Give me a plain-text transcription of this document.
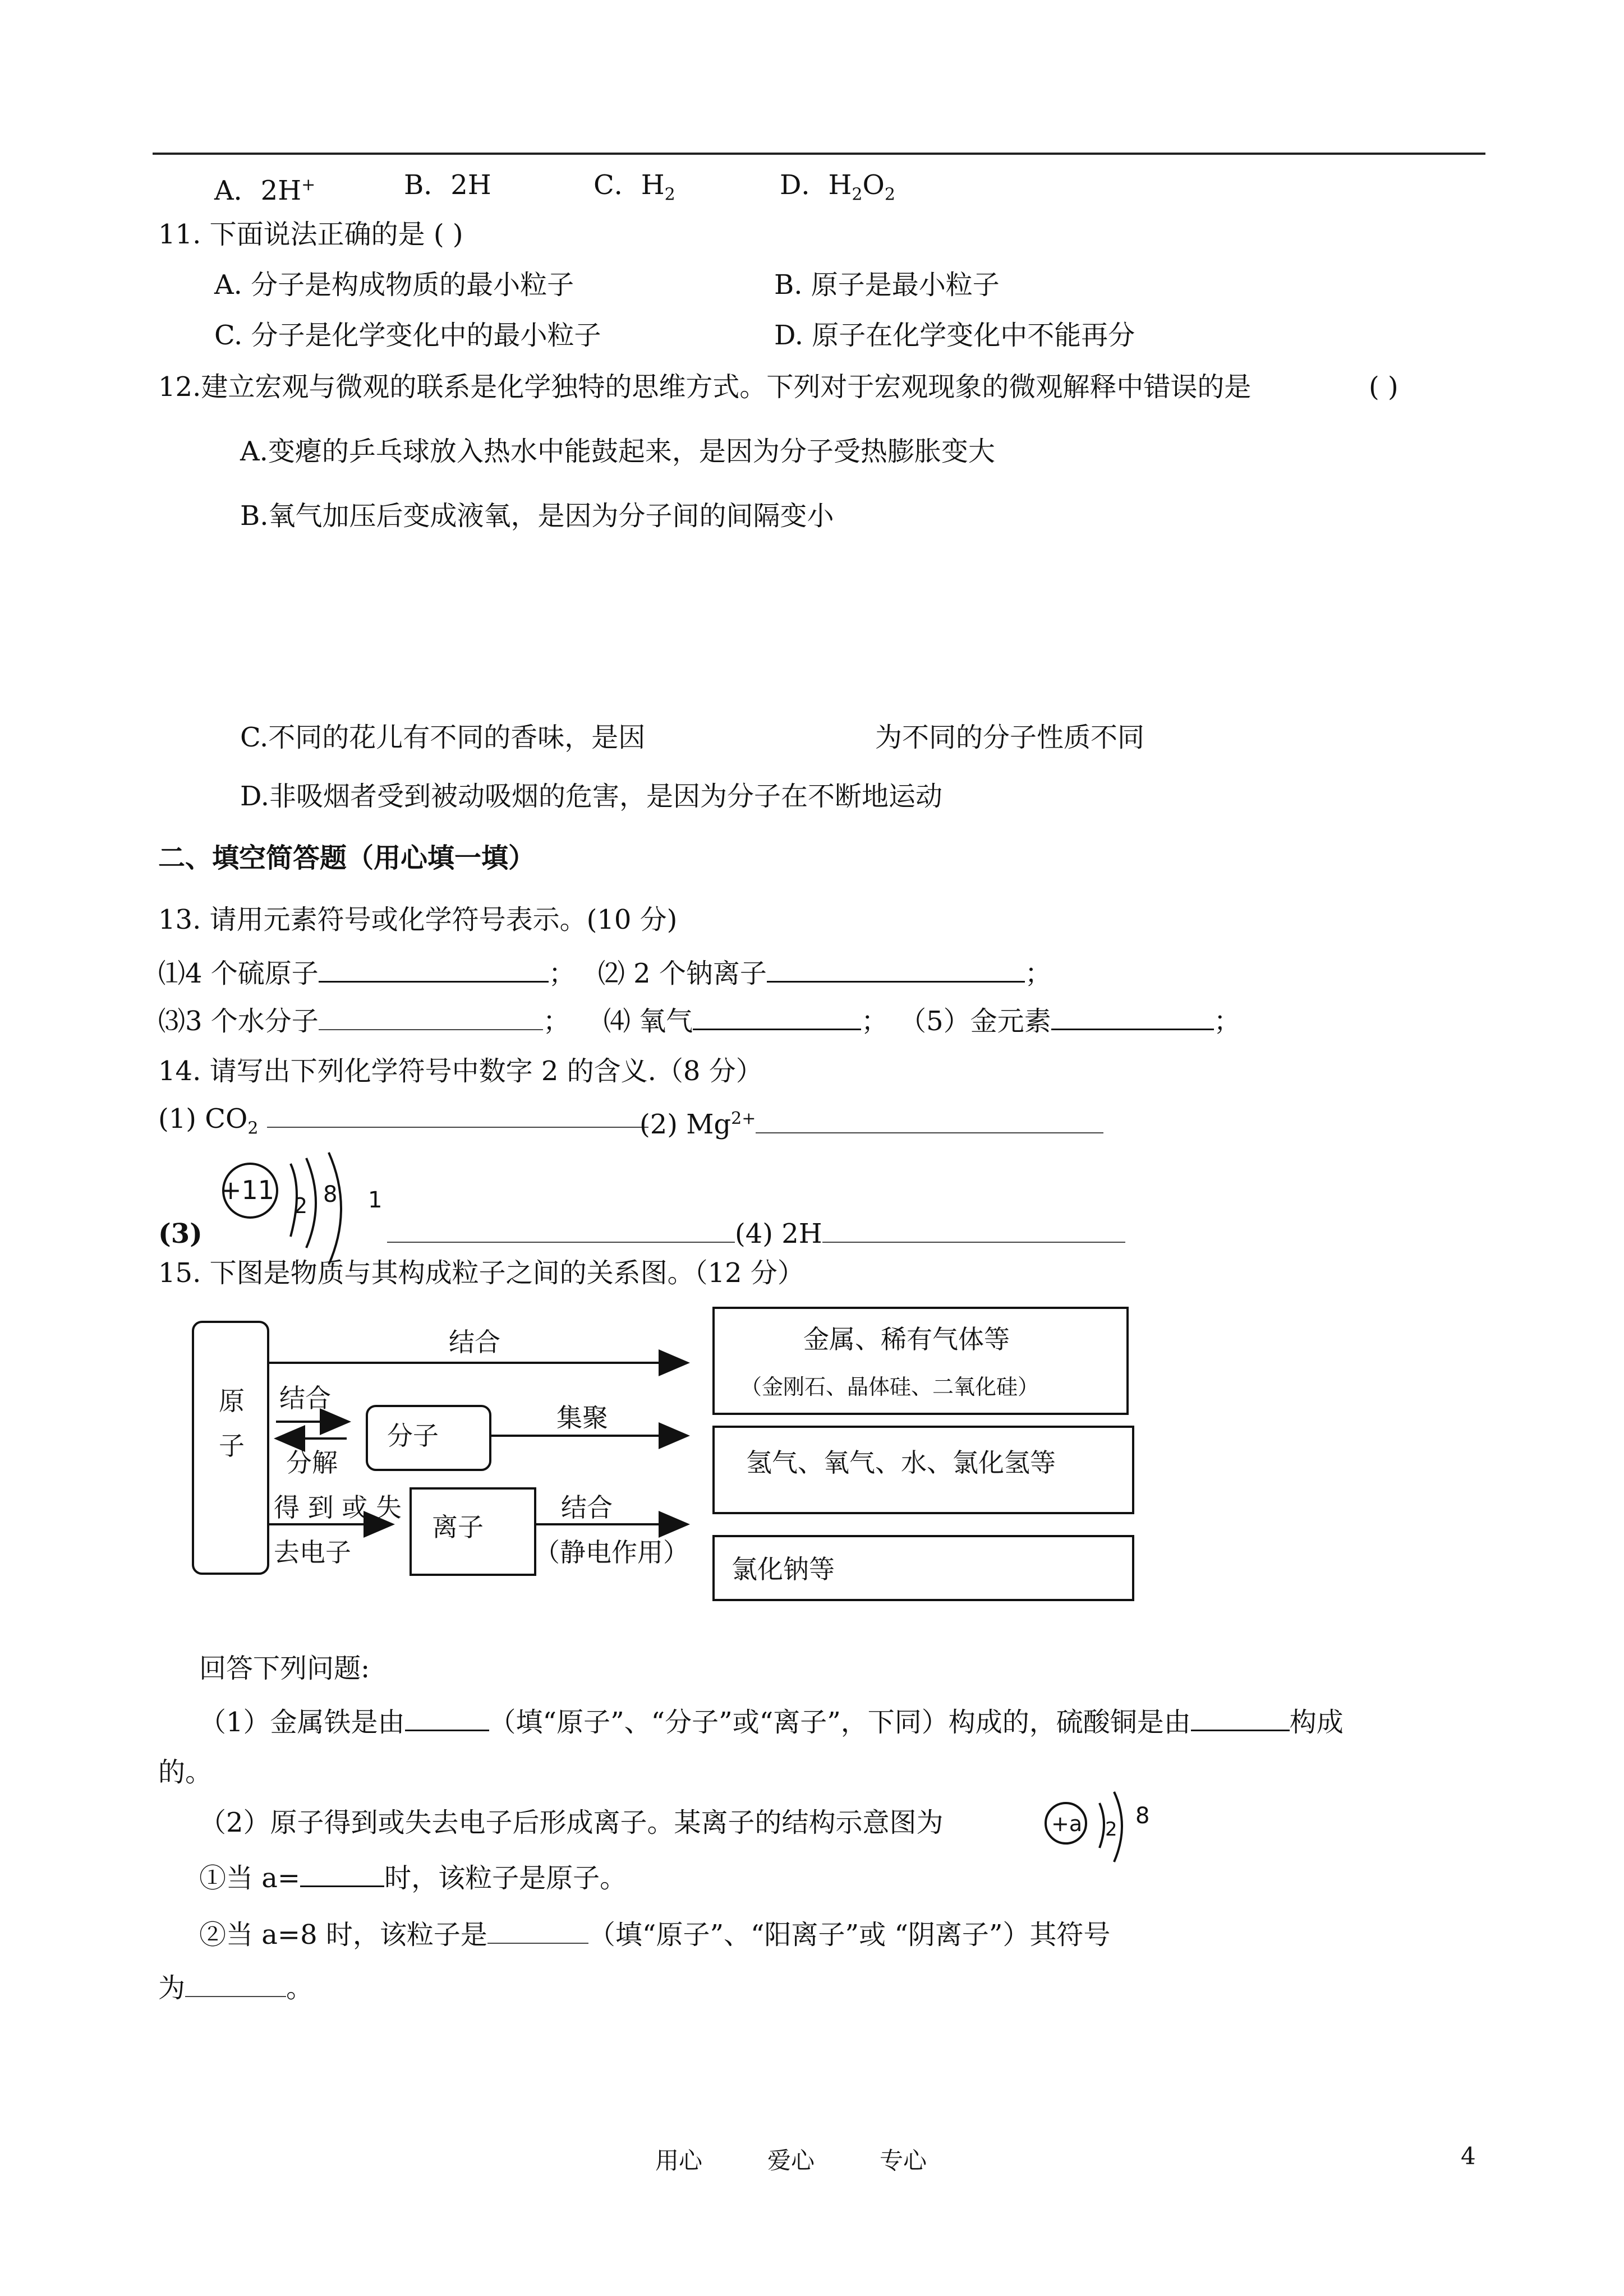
A．2H+	B．2H	C．$H_2$	D．$H_2O_2$
11. 下面说法正确的是 ( )
A. 分子是构成物质的最小粒子	B. 原子是最小粒子
C. 分子是化学变化中的最小粒子	D. 原子在化学变化中不能再分
12.建立宏观与微观的联系是化学独特的思维方式。下列对于宏观现象的微观解释中错误的是	( )
A.变瘪的乒乓球放入热水中能鼓起来，是因为分子受热膨胀变大
B.氧气加压后变成液氧，是因为分子间的间隔变小
C.不同的花儿有不同的香味，是因	为不同的分子性质不同
D.非吸烟者受到被动吸烟的危害，是因为分子在不断地运动
二、填空简答题（用心填一填）
13. 请用元素符号或化学符号表示。(10 分)
⑴4 个硫原子	； ⑵ 2 个钠离子	；
⑶3 个水分子	； ⑷ 氧气	； （5）金元素	；
14. 请写出下列化学符号中数字 2 的含义.（8 分）
(1) $CO_2$	(2) $Mg^{2+}$
+11
2 8 1
(3)	(4) 2H
15. 下图是物质与其构成粒子之间的关系图。（12 分）
原
子	分子
离子
金属、稀有气体等
（金刚石、晶体硅、二氧化硅）
氢气、氧气、水、氯化氢等
氯化钠等
结合
结合
分解
集聚
得 到 或 失
去电子
结合
（静电作用）
回答下列问题:
（1）金属铁是由	（填“原子”、“分子”或“离子”，下同）构成的，硫酸铜是由	构成
的。
（2）原子得到或失去电子后形成离子。某离子的结构示意图为	+a 2
8
①当 a=	时，该粒子是原子。
②当 a=8 时，该粒子是	（填“原子”、“阳离子”或 “阴离子”）其符号
为	。
用心	爱心	专心	4
